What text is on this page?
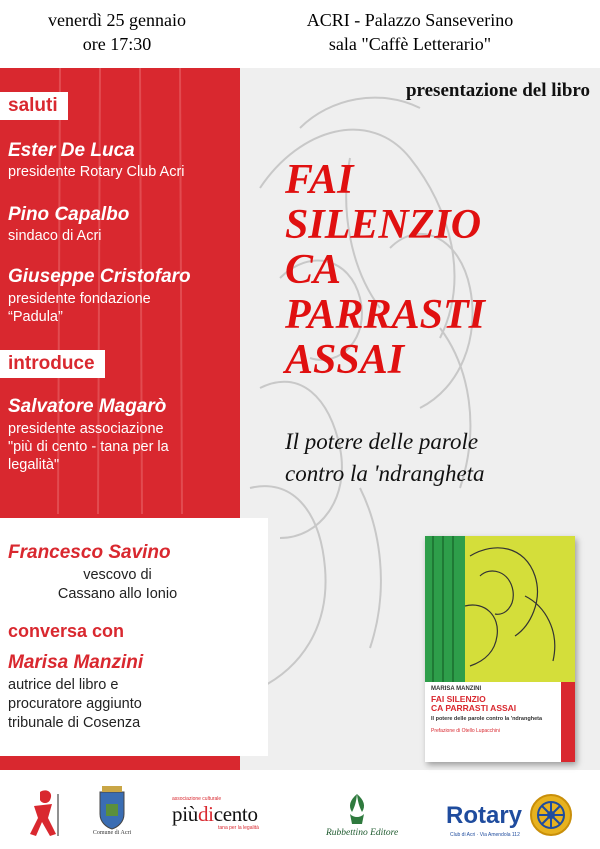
venerdì 25 gennaio
ore 17:30
ACRI - Palazzo Sanseverino
sala "Caffè Letterario"
saluti
Ester De Luca
presidente Rotary Club Acri
Pino Capalbo
sindaco di Acri
Giuseppe Cristofaro
presidente fondazione
“Padula”
introduce
Salvatore Magarò
presidente associazione
"più di cento - tana per la
legalità"
Francesco Savino
vescovo di
Cassano allo Ionio
conversa con
Marisa Manzini
autrice del libro e
procuratore aggiunto
tribunale di Cosenza
presentazione del libro
FAI
SILENZIO
CA
PARRASTI
ASSAI
Il potere delle parole
contro la 'ndrangheta
MARISA MANZINI
FAI SILENZIO
CA PARRASTI ASSAI
Il potere delle parole contro la 'ndrangheta
Prefazione di Otello Lupacchini
Comune di Acri
associazione culturale
piùdicento
tana per la legalità	Rubbettino Editore
Rotary
Club di Acri · Via Amendola 112
